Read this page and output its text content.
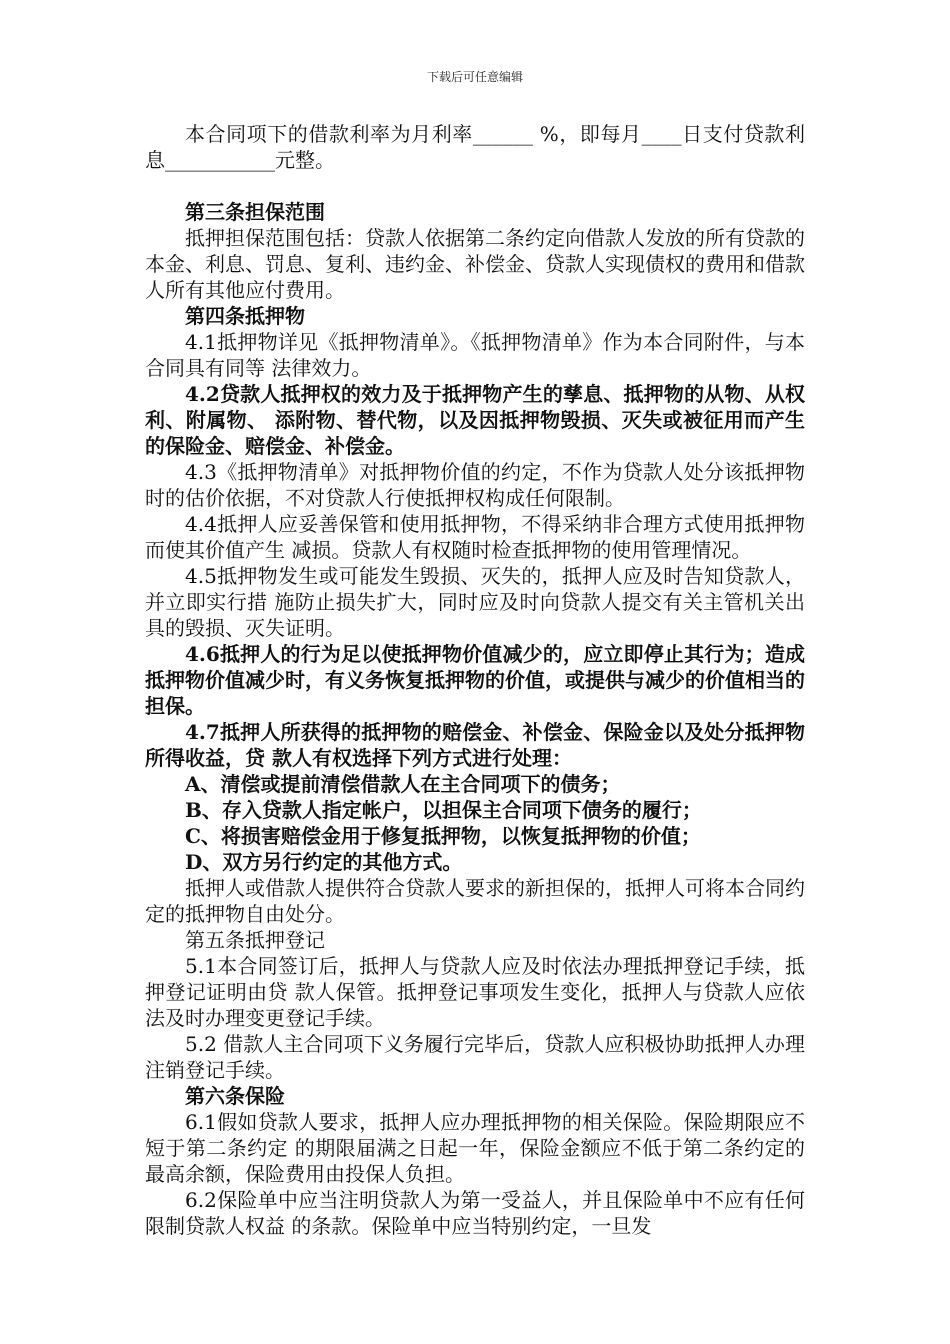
下载后可任意编辑

本合同项下的借款利率为月利率______ %，即每月____日支付贷款利息___________元整。

第三条担保范围

抵押担保范围包括：贷款人依据第二条约定向借款人发放的所有贷款的本金、利息、罚息、复利、违约金、补偿金、贷款人实现债权的费用和借款人所有其他应付费用。

第四条抵押物

4.1抵押物详见《抵押物清单》。《抵押物清单》作为本合同附件，与本合同具有同等 法律效力。

4.2贷款人抵押权的效力及于抵押物产生的孳息、抵押物的从物、从权利、附属物、 添附物、替代物，以及因抵押物毁损、灭失或被征用而产生的保险金、赔偿金、补偿金。

4.3《抵押物清单》对抵押物价值的约定，不作为贷款人处分该抵押物时的估价依据，不对贷款人行使抵押权构成任何限制。

4.4抵押人应妥善保管和使用抵押物，不得采纳非合理方式使用抵押物而使其价值产生 减损。贷款人有权随时检查抵押物的使用管理情况。

4.5抵押物发生或可能发生毁损、灭失的，抵押人应及时告知贷款人，并立即实行措 施防止损失扩大，同时应及时向贷款人提交有关主管机关出具的毁损、灭失证明。

4.6抵押人的行为足以使抵押物价值减少的，应立即停止其行为；造成抵押物价值减少时，有义务恢复抵押物的价值，或提供与减少的价值相当的担保。

4.7抵押人所获得的抵押物的赔偿金、补偿金、保险金以及处分抵押物所得收益，贷 款人有权选择下列方式进行处理：

A、清偿或提前清偿借款人在主合同项下的债务；

B、存入贷款人指定帐户，以担保主合同项下债务的履行；

C、将损害赔偿金用于修复抵押物，以恢复抵押物的价值；

D、双方另行约定的其他方式。

抵押人或借款人提供符合贷款人要求的新担保的，抵押人可将本合同约定的抵押物自由处分。

第五条抵押登记

5.1本合同签订后，抵押人与贷款人应及时依法办理抵押登记手续，抵押登记证明由贷 款人保管。抵押登记事项发生变化，抵押人与贷款人应依法及时办理变更登记手续。

5.2 借款人主合同项下义务履行完毕后，贷款人应积极协助抵押人办理注销登记手续。

第六条保险

6.1假如贷款人要求，抵押人应办理抵押物的相关保险。保险期限应不短于第二条约定 的期限届满之日起一年，保险金额应不低于第二条约定的最高余额，保险费用由投保人负担。

6.2保险单中应当注明贷款人为第一受益人，并且保险单中不应有任何限制贷款人权益 的条款。保险单中应当特别约定，一旦发
